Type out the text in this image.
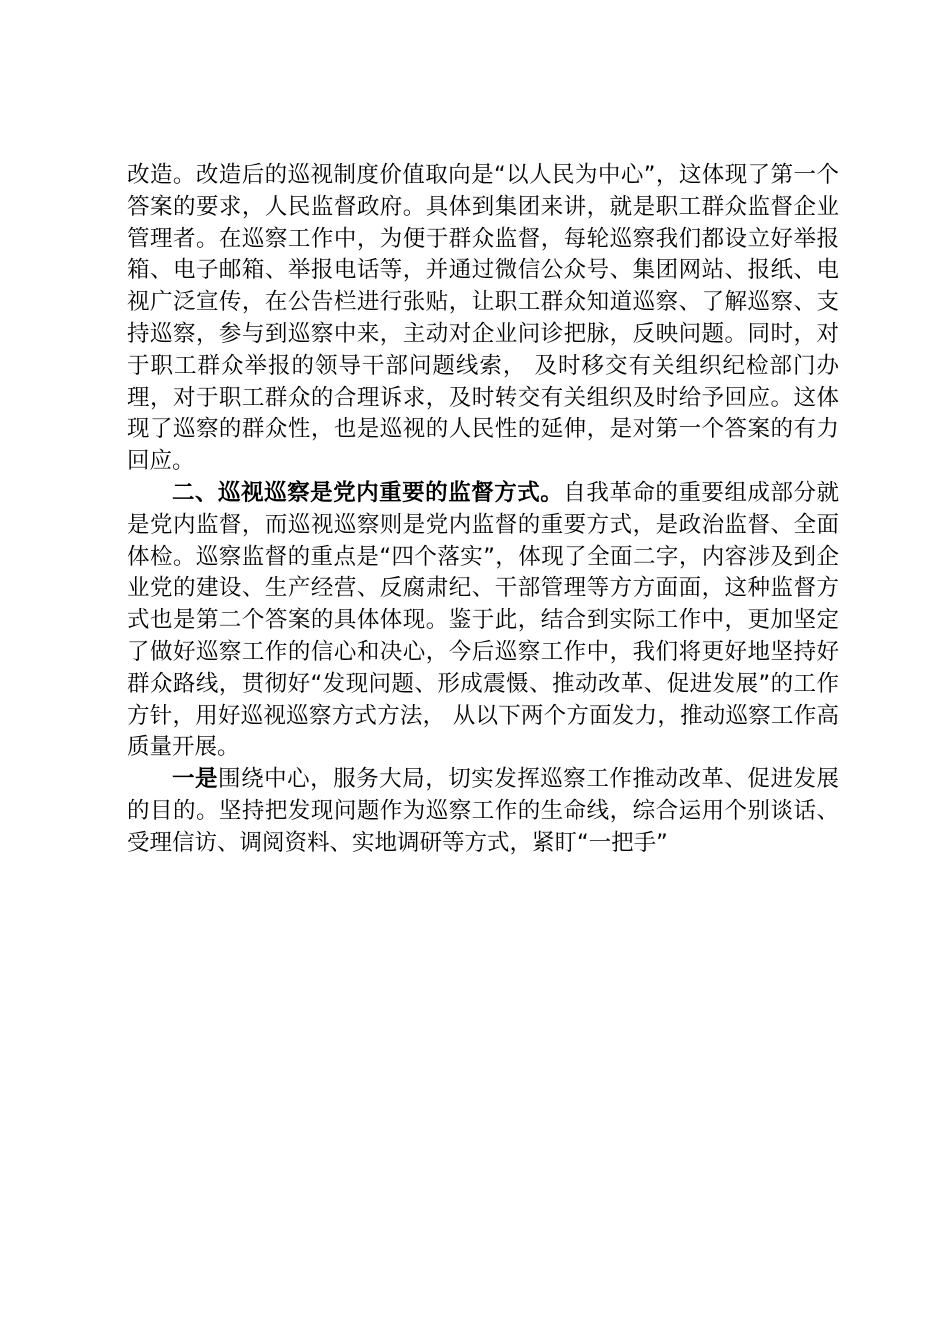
改造。改造后的巡视制度价值取向是“以人民为中心”，这体现了第一个答案的要求，人民监督政府。具体到集团来讲，就是职工群众监督企业管理者。在巡察工作中，为便于群众监督，每轮巡察我们都设立好举报箱、电子邮箱、举报电话等，并通过微信公众号、集团网站、报纸、电视广泛宣传，在公告栏进行张贴，让职工群众知道巡察、了解巡察、支持巡察，参与到巡察中来，主动对企业问诊把脉，反映问题。同时，对于职工群众举报的领导干部问题线索， 及时移交有关组织纪检部门办理，对于职工群众的合理诉求，及时转交有关组织及时给予回应。这体现了巡察的群众性，也是巡视的人民性的延伸，是对第一个答案的有力回应。

二、巡视巡察是党内重要的监督方式。自我革命的重要组成部分就是党内监督，而巡视巡察则是党内监督的重要方式，是政治监督、全面体检。巡察监督的重点是“四个落实”，体现了全面二字，内容涉及到企业党的建设、生产经营、反腐肃纪、干部管理等方方面面，这种监督方式也是第二个答案的具体体现。鉴于此，结合到实际工作中，更加坚定了做好巡察工作的信心和决心，今后巡察工作中，我们将更好地坚持好群众路线，贯彻好“发现问题、形成震慑、推动改革、促进发展”的工作方针，用好巡视巡察方式方法， 从以下两个方面发力，推动巡察工作高质量开展。

一是围绕中心，服务大局，切实发挥巡察工作推动改革、促进发展的目的。坚持把发现问题作为巡察工作的生命线，综合运用个别谈话、受理信访、调阅资料、实地调研等方式，紧盯“一把手”
